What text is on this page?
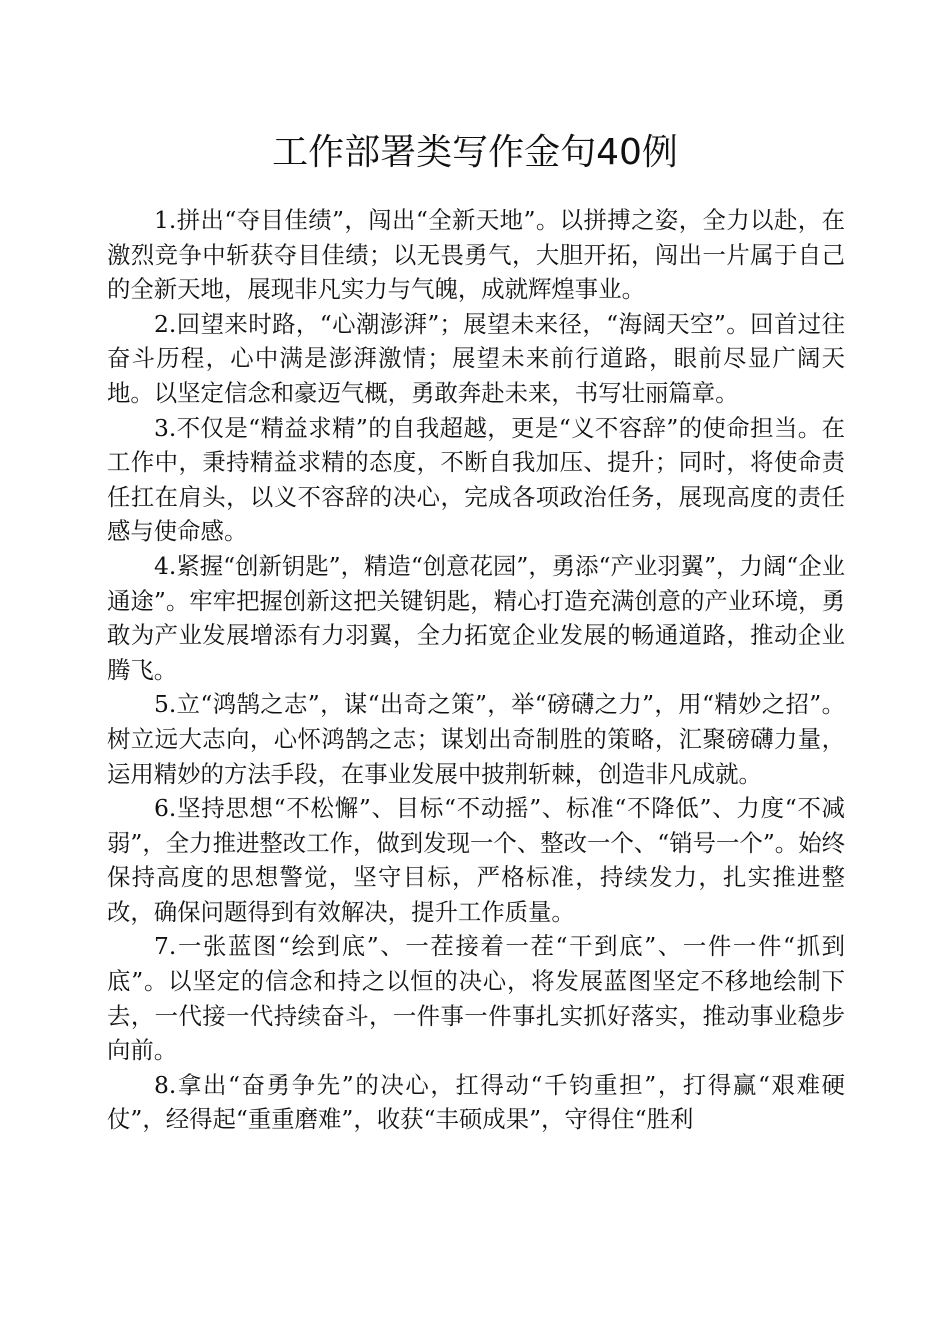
工作部署类写作金句40例

1.拼出“夺目佳绩”，闯出“全新天地”。以拼搏之姿，全力以赴，在激烈竞争中斩获夺目佳绩；以无畏勇气，大胆开拓，闯出一片属于自己的全新天地，展现非凡实力与气魄，成就辉煌事业。

2.回望来时路，“心潮澎湃”；展望未来径，“海阔天空”。回首过往奋斗历程，心中满是澎湃激情；展望未来前行道路，眼前尽显广阔天地。以坚定信念和豪迈气概，勇敢奔赴未来，书写壮丽篇章。

3.不仅是“精益求精”的自我超越，更是“义不容辞”的使命担当。在工作中，秉持精益求精的态度，不断自我加压、提升；同时，将使命责任扛在肩头，以义不容辞的决心，完成各项政治任务，展现高度的责任感与使命感。

4.紧握“创新钥匙”，精造“创意花园”，勇添“产业羽翼”，力阔“企业通途”。牢牢把握创新这把关键钥匙，精心打造充满创意的产业环境，勇敢为产业发展增添有力羽翼，全力拓宽企业发展的畅通道路，推动企业腾飞。

5.立“鸿鹄之志”，谋“出奇之策”，举“磅礴之力”，用“精妙之招”。树立远大志向，心怀鸿鹄之志；谋划出奇制胜的策略，汇聚磅礴力量，运用精妙的方法手段，在事业发展中披荆斩棘，创造非凡成就。

6.坚持思想“不松懈”、目标“不动摇”、标准“不降低”、力度“不减弱”，全力推进整改工作，做到发现一个、整改一个、“销号一个”。始终保持高度的思想警觉，坚守目标，严格标准，持续发力，扎实推进整改，确保问题得到有效解决，提升工作质量。

7.一张蓝图“绘到底”、一茬接着一茬“干到底”、一件一件“抓到底”。以坚定的信念和持之以恒的决心，将发展蓝图坚定不移地绘制下去，一代接一代持续奋斗，一件事一件事扎实抓好落实，推动事业稳步向前。

8.拿出“奋勇争先”的决心，扛得动“千钧重担”，打得赢“艰难硬仗”，经得起“重重磨难”，收获“丰硕成果”，守得住“胜利
